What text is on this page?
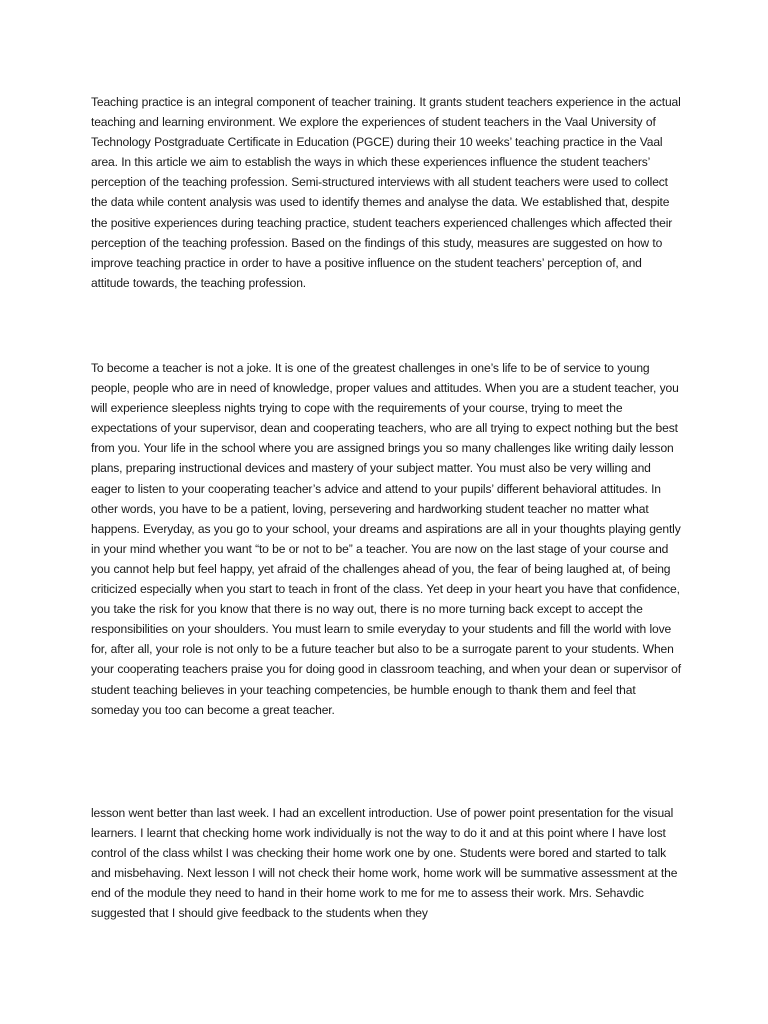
Teaching practice is an integral component of teacher training. It grants student teachers experience in the actual teaching and learning environment. We explore the experiences of student teachers in the Vaal University of Technology Postgraduate Certificate in Education (PGCE) during their 10 weeks’ teaching practice in the Vaal area. In this article we aim to establish the ways in which these experiences influence the student teachers’ perception of the teaching profession. Semi-structured interviews with all student teachers were used to collect the data while content analysis was used to identify themes and analyse the data. We established that, despite the positive experiences during teaching practice, student teachers experienced challenges which affected their perception of the teaching profession. Based on the findings of this study, measures are suggested on how to improve teaching practice in order to have a positive influence on the student teachers’ perception of, and attitude towards, the teaching profession.

To become a teacher is not a joke. It is one of the greatest challenges in one’s life to be of service to young people, people who are in need of knowledge, proper values and attitudes. When you are a student teacher, you will experience sleepless nights trying to cope with the requirements of your course, trying to meet the expectations of your supervisor, dean and cooperating teachers, who are all trying to expect nothing but the best from you. Your life in the school where you are assigned brings you so many challenges like writing daily lesson plans, preparing instructional devices and mastery of your subject matter. You must also be very willing and eager to listen to your cooperating teacher’s advice and attend to your pupils’ different behavioral attitudes. In other words, you have to be a patient, loving, persevering and hardworking student teacher no matter what happens. Everyday, as you go to your school, your dreams and aspirations are all in your thoughts playing gently in your mind whether you want “to be or not to be” a teacher. You are now on the last stage of your course and you cannot help but feel happy, yet afraid of the challenges ahead of you, the fear of being laughed at, of being criticized especially when you start to teach in front of the class. Yet deep in your heart you have that confidence, you take the risk for you know that there is no way out, there is no more turning back except to accept the responsibilities on your shoulders. You must learn to smile everyday to your students and fill the world with love for, after all, your role is not only to be a future teacher but also to be a surrogate parent to your students. When your cooperating teachers praise you for doing good in classroom teaching, and when your dean or supervisor of student teaching believes in your teaching competencies, be humble enough to thank them and feel that someday you too can become a great teacher.

lesson went better than last week. I had an excellent introduction. Use of power point presentation for the visual learners. I learnt that checking home work individually is not the way to do it and at this point where I have lost control of the class whilst I was checking their home work one by one. Students were bored and started to talk and misbehaving. Next lesson I will not check their home work, home work will be summative assessment at the end of the module they need to hand in their home work to me for me to assess their work. Mrs. Sehavdic suggested that I should give feedback to the students when they
